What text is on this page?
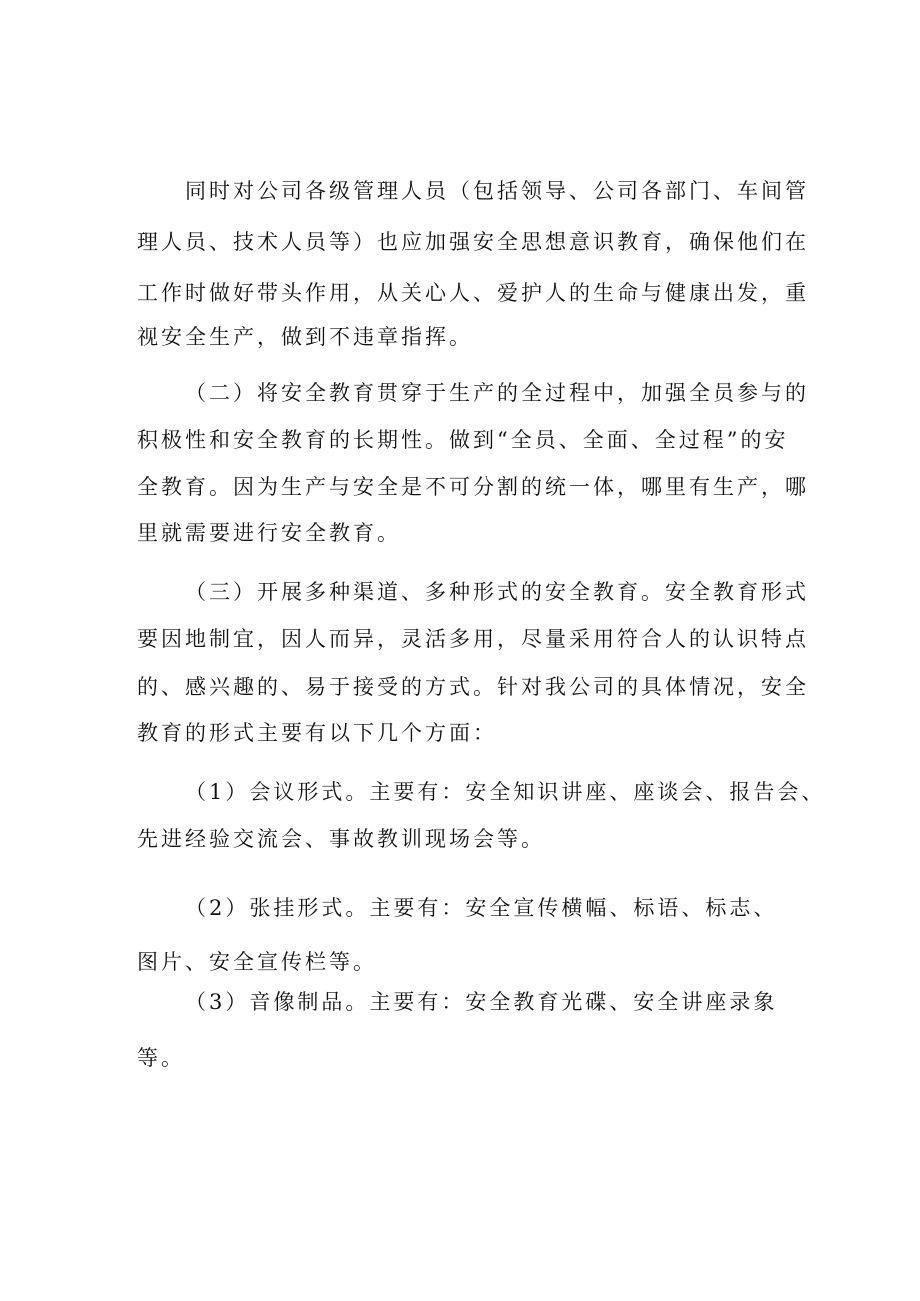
同时对公司各级管理人员（包括领导、公司各部门、车间管

理人员、技术人员等）也应加强安全思想意识教育，确保他们在

工作时做好带头作用，从关心人、爱护人的生命与健康出发，重

视安全生产，做到不违章指挥。

（二）将安全教育贯穿于生产的全过程中，加强全员参与的

积极性和安全教育的长期性。做到“全员、全面、全过程”的安

全教育。因为生产与安全是不可分割的统一体，哪里有生产，哪

里就需要进行安全教育。

（三）开展多种渠道、多种形式的安全教育。安全教育形式

要因地制宜，因人而异，灵活多用，尽量采用符合人的认识特点

的、感兴趣的、易于接受的方式。针对我公司的具体情况，安全

教育的形式主要有以下几个方面：

（1）会议形式。主要有：安全知识讲座、座谈会、报告会、

先进经验交流会、事故教训现场会等。

（2）张挂形式。主要有：安全宣传横幅、标语、标志、

图片、安全宣传栏等。

（3）音像制品。主要有：安全教育光碟、安全讲座录象

等。
